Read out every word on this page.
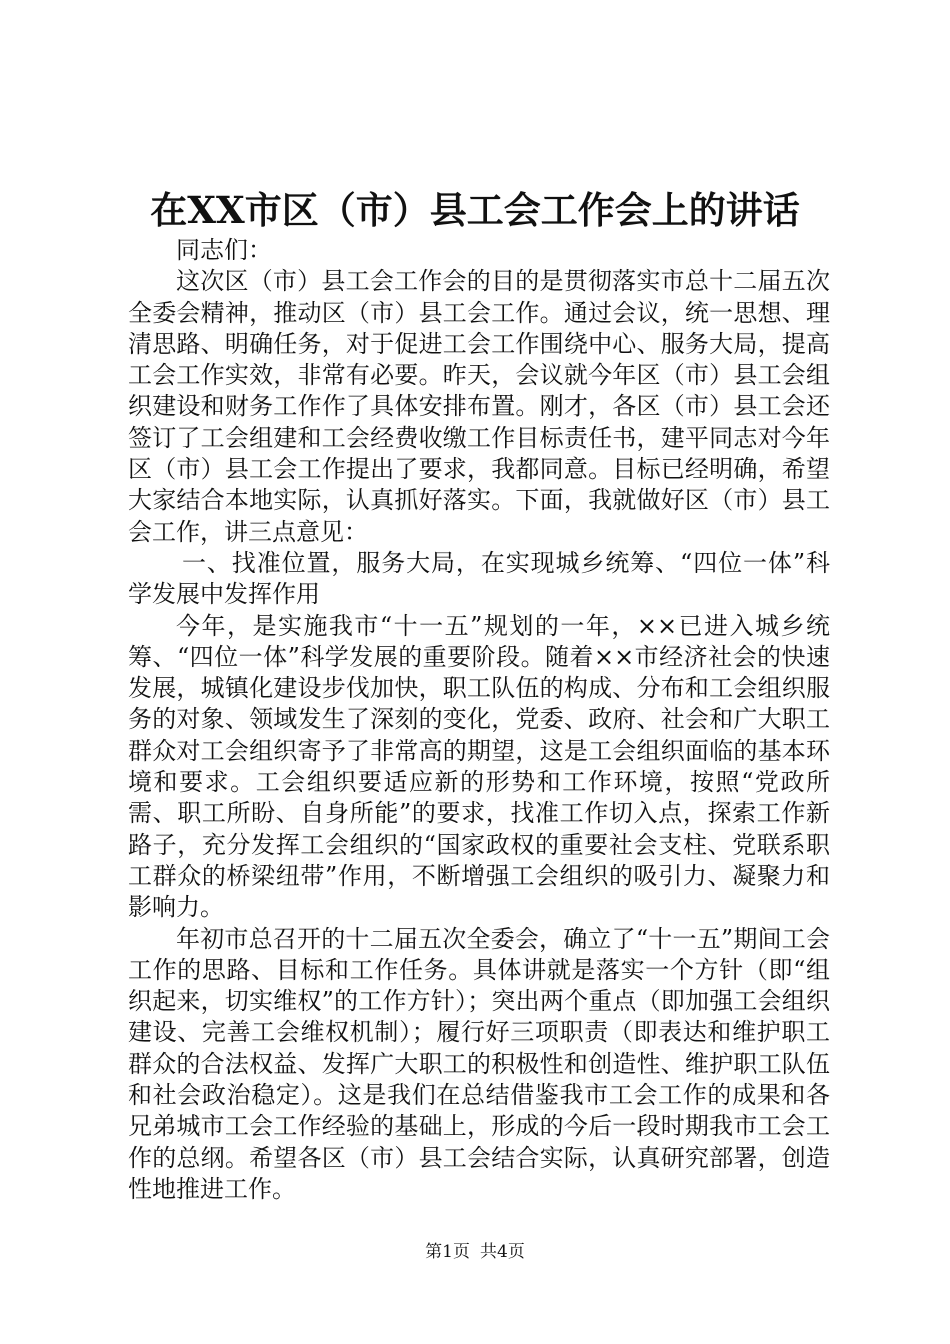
在XX市区（市）县工会工作会上的讲话

同志们：

这次区（市）县工会工作会的目的是贯彻落实市总十二届五次全委会精神，推动区（市）县工会工作。通过会议，统一思想、理清思路、明确任务，对于促进工会工作围绕中心、服务大局，提高工会工作实效，非常有必要。昨天，会议就今年区（市）县工会组织建设和财务工作作了具体安排布置。刚才，各区（市）县工会还签订了工会组建和工会经费收缴工作目标责任书，建平同志对今年区（市）县工会工作提出了要求，我都同意。目标已经明确，希望大家结合本地实际，认真抓好落实。下面，我就做好区（市）县工会工作，讲三点意见：

一、找准位置，服务大局，在实现城乡统筹、“四位一体”科学发展中发挥作用

今年，是实施我市“十一五”规划的一年，××已进入城乡统筹、“四位一体”科学发展的重要阶段。随着××市经济社会的快速发展，城镇化建设步伐加快，职工队伍的构成、分布和工会组织服务的对象、领域发生了深刻的变化，党委、政府、社会和广大职工群众对工会组织寄予了非常高的期望，这是工会组织面临的基本环境和要求。工会组织要适应新的形势和工作环境，按照“党政所需、职工所盼、自身所能”的要求，找准工作切入点，探索工作新路子，充分发挥工会组织的“国家政权的重要社会支柱、党联系职工群众的桥梁纽带”作用，不断增强工会组织的吸引力、凝聚力和影响力。

年初市总召开的十二届五次全委会，确立了“十一五”期间工会工作的思路、目标和工作任务。具体讲就是落实一个方针（即“组织起来，切实维权”的工作方针）；突出两个重点（即加强工会组织建设、完善工会维权机制）；履行好三项职责（即表达和维护职工群众的合法权益、发挥广大职工的积极性和创造性、维护职工队伍和社会政治稳定）。这是我们在总结借鉴我市工会工作的成果和各兄弟城市工会工作经验的基础上，形成的今后一段时期我市工会工作的总纲。希望各区（市）县工会结合实际，认真研究部署，创造性地推进工作。

第1页 共4页
